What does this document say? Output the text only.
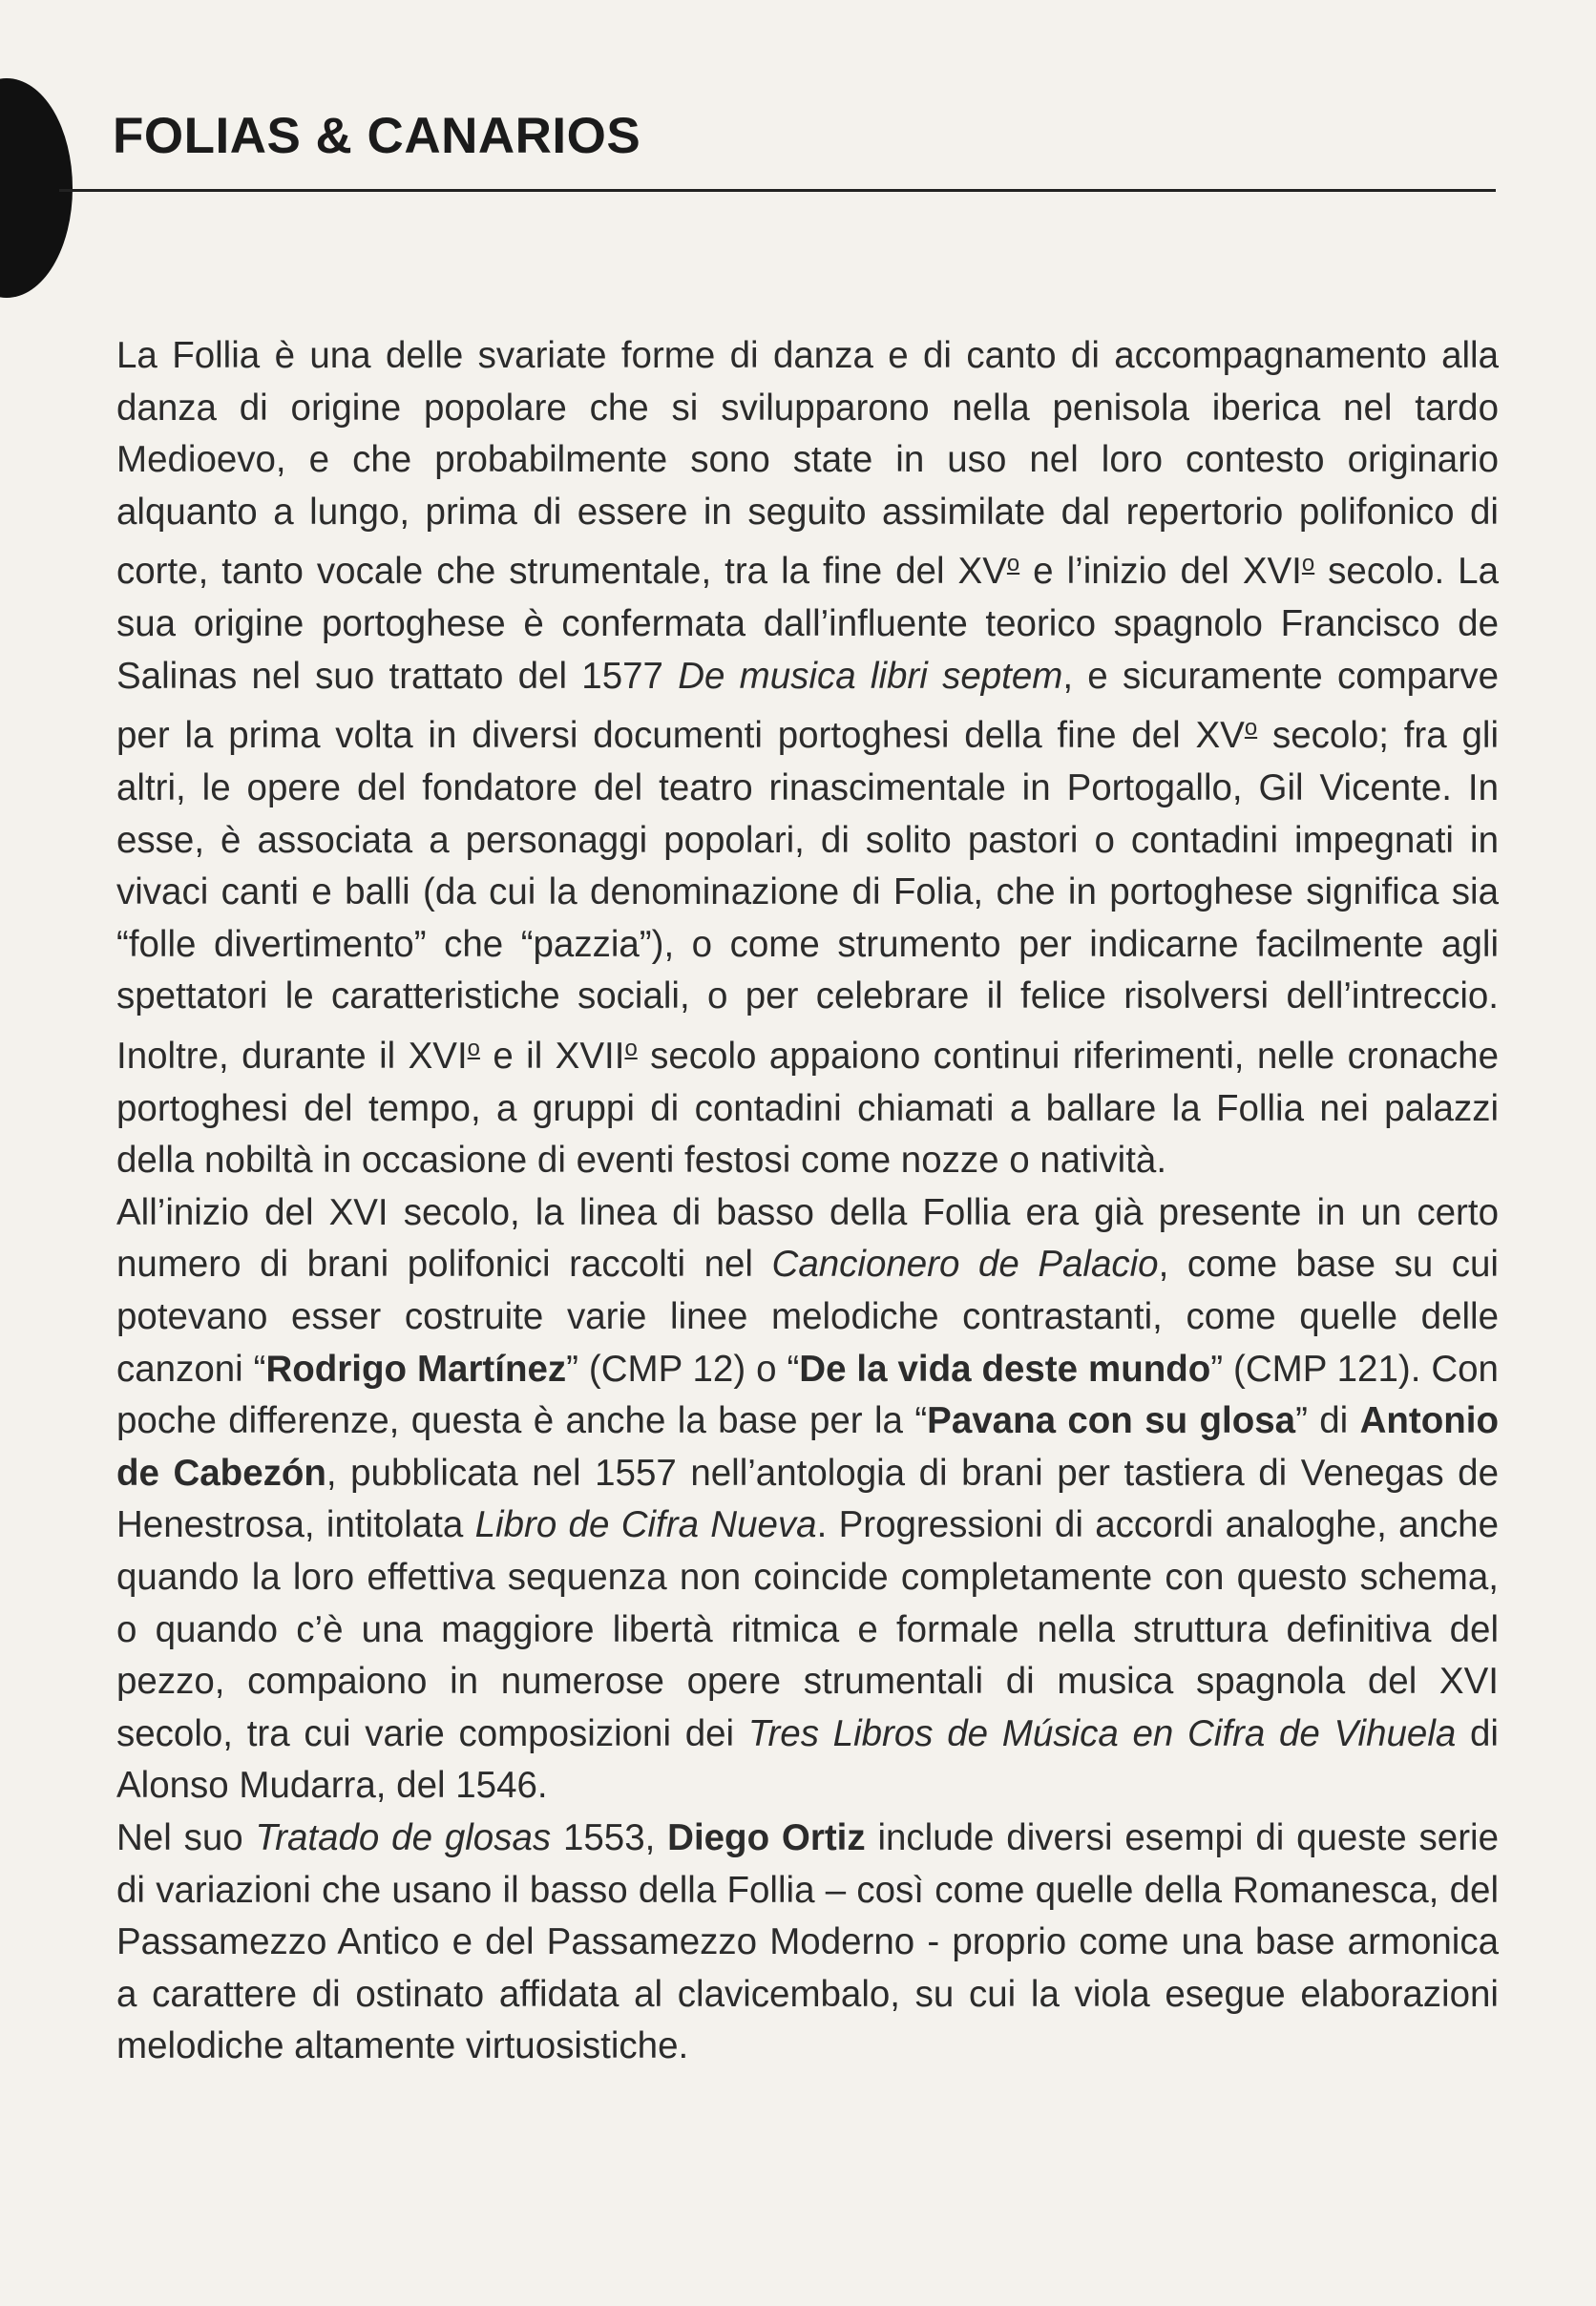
FOLIAS & CANARIOS

La Follia è una delle svariate forme di danza e di canto di accompagnamento alla danza di origine popolare che si svilupparono nella penisola iberica nel tardo Medioevo, e che probabilmente sono state in uso nel loro contesto originario alquanto a lungo, prima di essere in seguito assimilate dal repertorio polifonico di corte, tanto vocale che strumentale, tra la fine del $XV^o$ e l’inizio del XVI$^o$ secolo. La sua origine portoghese è confermata dall’influente teorico spagnolo Francisco de Salinas nel suo trattato del 1577 De musica libri septem, e sicuramente comparve per la prima volta in diversi documenti portoghesi della fine del $XV^o$ secolo; fra gli altri, le opere del fondatore del teatro rinascimentale in Portogallo, Gil Vicente. In esse, è associata a personaggi popolari, di solito pastori o contadini impegnati in vivaci canti e balli (da cui la denominazione di Folia, che in portoghese significa sia “folle divertimento” che “pazzia”), o come strumento per indicarne facilmente agli spettatori le caratteristiche sociali, o per celebrare il felice risolversi dell’intreccio. Inoltre, durante il XVI$^o$ e il XVII$^o$ secolo appaiono continui riferimenti, nelle cronache portoghesi del tempo, a gruppi di contadini chiamati a ballare la Follia nei palazzi della nobiltà in occasione di eventi festosi come nozze o natività.

All’inizio del XVI secolo, la linea di basso della Follia era già presente in un certo numero di brani polifonici raccolti nel Cancionero de Palacio, come base su cui potevano esser costruite varie linee melodiche contrastanti, come quelle delle canzoni “Rodrigo Martínez” (CMP 12) o “De la vida deste mundo” (CMP 121). Con poche differenze, questa è anche la base per la “Pavana con su glosa” di Antonio de Cabezón, pubblicata nel 1557 nell’antologia di brani per tastiera di Venegas de Henestrosa, intitolata Libro de Cifra Nueva. Progressioni di accordi analoghe, anche quando la loro effettiva sequenza non coincide completamente con questo schema, o quando c’è una maggiore libertà ritmica e formale nella struttura definitiva del pezzo, compaiono in numerose opere strumentali di musica spagnola del XVI secolo, tra cui varie composizioni dei Tres Libros de Música en Cifra de Vihuela di Alonso Mudarra, del 1546.

Nel suo Tratado de glosas 1553, Diego Ortiz include diversi esempi di queste serie di variazioni che usano il basso della Follia – così come quelle della Romanesca, del Passamezzo Antico e del Passamezzo Moderno - proprio come una base armonica a carattere di ostinato affidata al clavicembalo, su cui la viola esegue elaborazioni melodiche altamente virtuosistiche.
